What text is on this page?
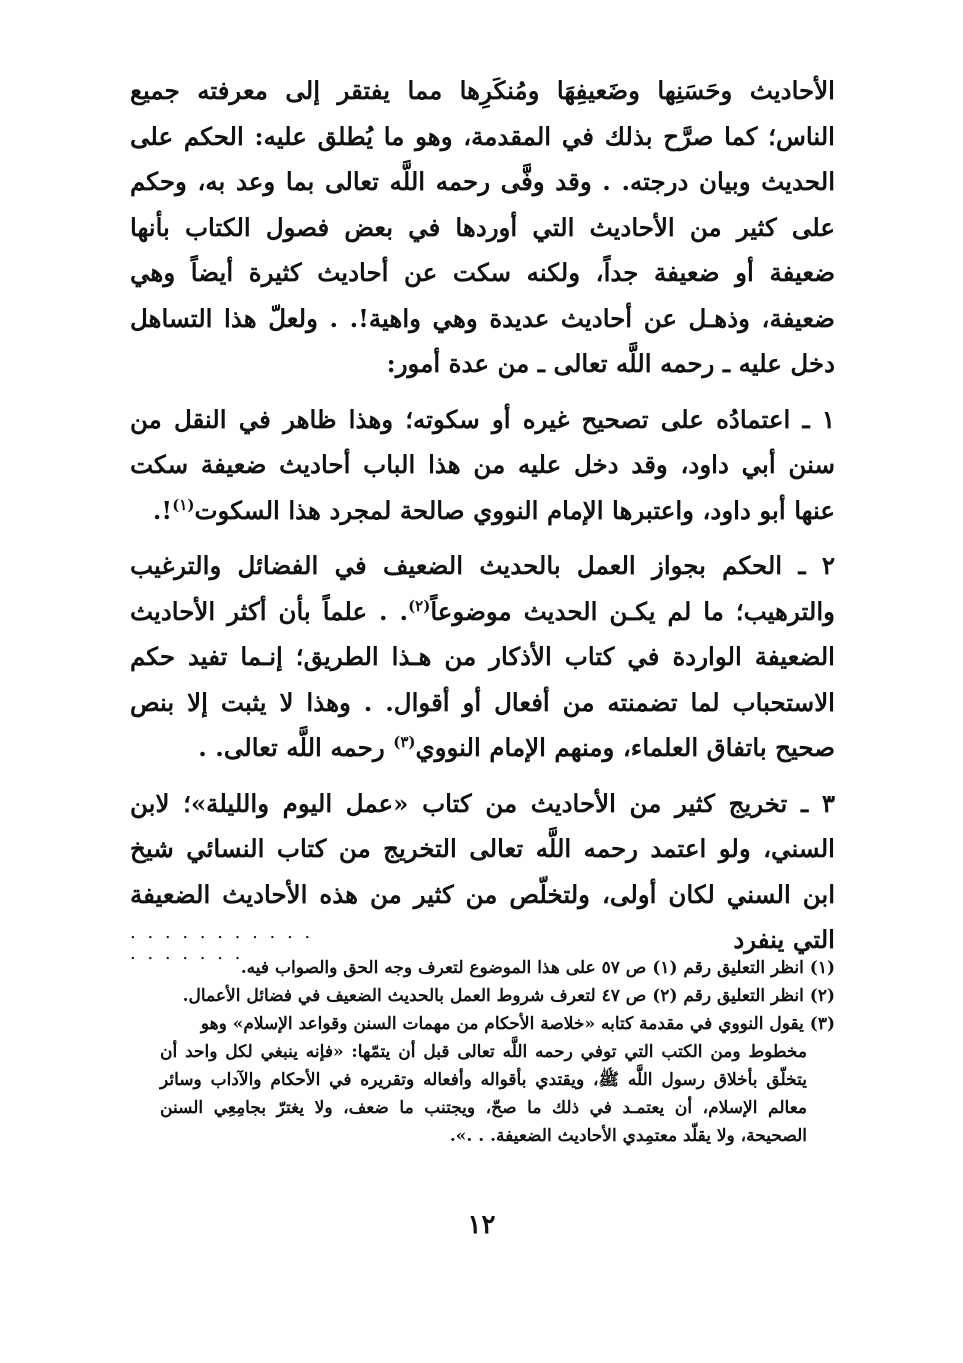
الأحاديث وحَسَنِها وضَعيفِهَا ومُنكَرِها مما يفتقر إلى معرفته جميع الناس؛ كما صرَّح بذلك في المقدمة، وهو ما يُطلق عليه: الحكم على الحديث وبيان درجته. . وقد وفَّى رحمه اللَّه تعالى بما وعد به، وحكم على كثير من الأحاديث التي أوردها في بعض فصول الكتاب بأنها ضعيفة أو ضعيفة جداً، ولكنه سكت عن أحاديث كثيرة أيضاً وهي ضعيفة، وذهـل عن أحاديث عديدة وهي واهية!. . ولعلّ هذا التساهل دخل عليه ـ رحمه اللَّه تعالى ـ من عدة أمور:

١ ـ اعتمادُه على تصحيح غيره أو سكوته؛ وهذا ظاهر في النقل من سنن أبي داود، وقد دخل عليه من هذا الباب أحاديث ضعيفة سكت عنها أبو داود، واعتبرها الإمام النووي صالحة لمجرد هذا السكوت$^{(١)}$!.

٢ ـ الحكم بجواز العمل بالحديث الضعيف في الفضائل والترغيب والترهيب؛ ما لم يكـن الحديث موضوعاً$^{(٢)}$. . علماً بأن أكثر الأحاديث الضعيفة الواردة في كتاب الأذكار من هـذا الطريق؛ إنـما تفيد حكم الاستحباب لما تضمنته من أفعال أو أقوال. . وهذا لا يثبت إلا بنص صحيح باتفاق العلماء، ومنهم الإمام النووي$^{(٣)}$ رحمه اللَّه تعالى. .

٣ ـ تخريج كثير من الأحاديث من كتاب «عمل اليوم والليلة»؛ لابن السني، ولو اعتمد رحمه اللَّه تعالى التخريج من كتاب النسائي شيخ ابن السني لكان أولى، ولتخلّص من كثير من هذه الأحاديث الضعيفة التي ينفرد

. . . . . . . . . . . . . . . . . .

(١) انظر التعليق رقم (١) ص ٥٧ على هذا الموضوع لتعرف وجه الحق والصواب فيه.

(٢) انظر التعليق رقم (٢) ص ٤٧ لتعرف شروط العمل بالحديث الضعيف في فضائل الأعمال.

(٣) يقول النووي في مقدمة كتابه «خلاصة الأحكام من مهمات السنن وقواعد الإسلام» وهو

مخطوط ومن الكتب التي توفي رحمه اللَّه تعالى قبل أن يتمّها: «فإنه ينبغي لكل واحد أن يتخلّق بأخلاق رسول اللَّه ﷺ، ويقتدي بأقواله وأفعاله وتقريره في الأحكام والآداب وسائر معالم الإسلام، أن يعتمـد في ذلك ما صحّ، ويجتنب ما ضعف، ولا يغترّ بجامِعِي السنن الصحيحة، ولا يقلّد معتمِدي الأحاديث الضعيفة. . .».

١٢
